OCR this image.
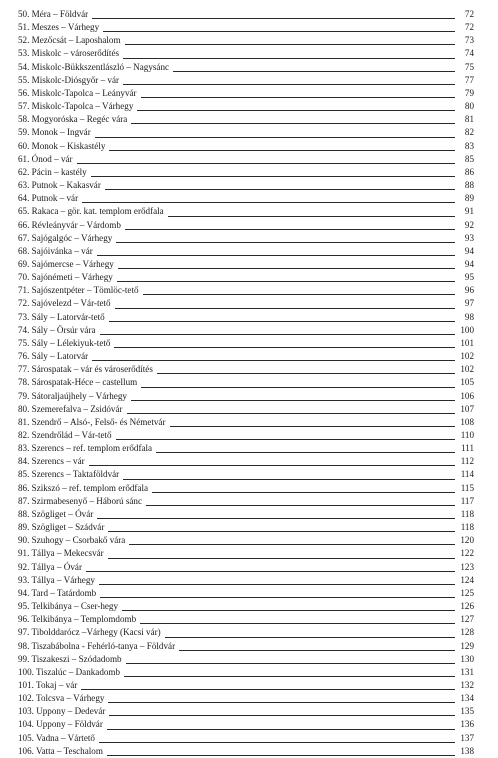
50. Méra – Földvár	72
51. Meszes – Várhegy	72
52. Mezőcsát – Laposhalom	73
53. Miskolc – városerődítés	74
54. Miskolc-Bükkszentlászló – Nagysánc	75
55. Miskolc-Diósgyőr – vár	77
56. Miskolc-Tapolca – Leányvár	79
57. Miskolc-Tapolca – Várhegy	80
58. Mogyoróska – Regéc vára	81
59. Monok – Ingvár	82
60. Monok – Kiskastély	83
61. Ónod – vár	85
62. Pácin – kastély	86
63. Putnok – Kakasvár	88
64. Putnok – vár	89
65. Rakaca – gör. kat. templom erődfala	91
66. Révleányvár – Várdomb	92
67. Sajógalgóc – Várhegy	93
68. Sajóivánka – vár	94
69. Sajómercse – Várhegy	94
70. Sajónémeti – Várhegy	95
71. Sajószentpéter – Tömlöc-tető	96
72. Sajóvelezd – Vár-tető	97
73. Sály – Latorvár-tető	98
74. Sály – Örsúr vára	100
75. Sály – Lélekiyuk-tető	101
76. Sály – Latorvár	102
77. Sárospatak – vár és városerődítés	102
78. Sárospatak-Héce – castellum	105
79. Sátoraljaújhely – Várhegy	106
80. Szemerefalva – Zsidóvár	107
81. Szendrő – Alsó-, Felső- és Németvár	108
82. Szendrőlád – Vár-tető	110
83. Szerencs – ref. templom erődfala	111
84. Szerencs – vár	112
85. Szerencs – Taktaföldvár	114
86. Szikszó – ref. templom erődfala	115
87. Szirmabesenyő – Háború sánc	117
88. Szögliget – Óvár	118
89. Szögliget – Szádvár	118
90. Szuhogy – Csorbakő vára	120
91. Tállya – Mekecsvár	122
92. Tállya – Óvár	123
93. Tállya – Várhegy	124
94. Tard – Tatárdomb	125
95. Telkibánya – Cser-hegy	126
96. Telkibánya – Templomdomb	127
97. Tibolddarócz –Várhegy (Kacsi vár)	128
98. Tiszabábolna - Fehérló-tanya – Földvár	129
99. Tiszakeszi – Szódadomb	130
100. Tiszalúc – Dankadomb	131
101. Tokaj – vár	132
102. Tolcsva – Várhegy	134
103. Uppony – Dedevár	135
104. Uppony – Földvár	136
105. Vadna – Vártető	137
106. Vatta – Teschalom	138
